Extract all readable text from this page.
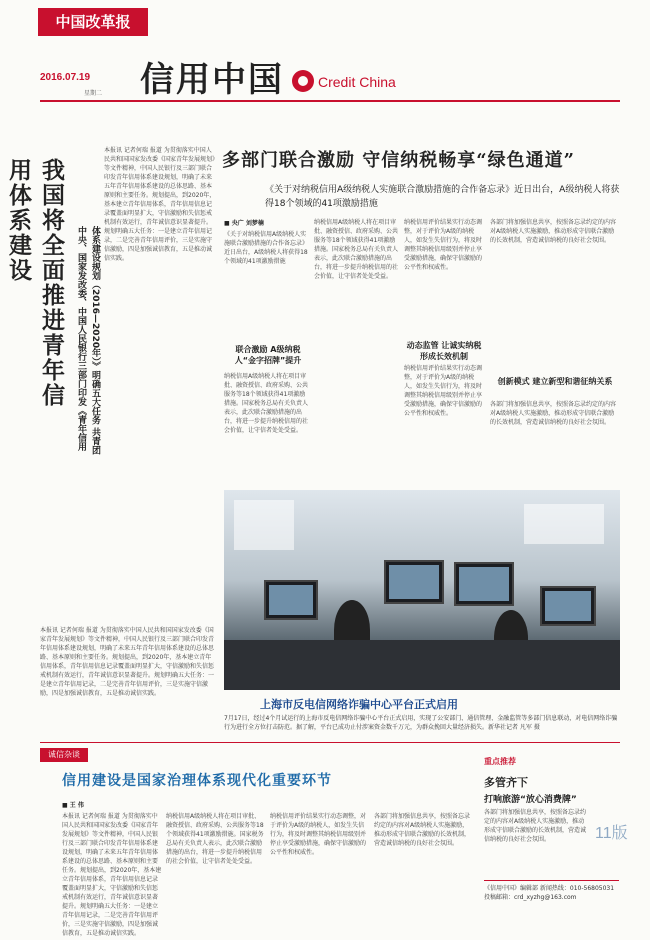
中国改革报
2016.07.19
星期二 信用中国 Credit China
我国将全面推进青年信用体系建设
体系建设规划（2016—2020年）》明确五大任务 共青团中央、国家发改委、中国人民银行三部门印发《青年信用
本报讯 记者何瑞 报道 为贯彻落实中国人民共和国国家发改委《国家青年发展规划》等文件精神，中国人民银行及三部门联合印发青年信用体系建设规划，明确了未来五年青年信用体系建设的总体思路、基本原则和主要任务。规划提出，到2020年，基本建立青年信用体系，青年信用信息记录覆盖面明显扩大，守信激励和失信惩戒机制有效运行，青年诚信意识显著提升。规划明确五大任务：一是建立青年信用记录，二是完善青年信用评价，三是实施守信激励，四是加强诚信教育，五是推动诚信实践。
本报讯 记者何瑞 报道 为贯彻落实中国人民共和国国家发改委《国家青年发展规划》等文件精神，中国人民银行及三部门联合印发青年信用体系建设规划，明确了未来五年青年信用体系建设的总体思路、基本原则和主要任务。规划提出，到2020年，基本建立青年信用体系，青年信用信息记录覆盖面明显扩大，守信激励和失信惩戒机制有效运行，青年诚信意识显著提升。规划明确五大任务：一是建立青年信用记录，二是完善青年信用评价，三是实施守信激励，四是加强诚信教育，五是推动诚信实践。
多部门联合激励 守信纳税畅享“绿色通道”
《关于对纳税信用A级纳税人实施联合激励措施的合作备忘录》近日出台，A级纳税人将获得18个领域的41项激励措施
■ 央广 刘梦楠
《关于对纳税信用A级纳税人实施联合激励措施的合作备忘录》近日出台，A级纳税人将获得18个领域的41项激励措施
联合激励 A级纳税人“金字招牌”提升
纳税信用A级纳税人将在项目审批、融资授信、政府采购、公共服务等18个领域获得41项激励措施。国家税务总局有关负责人表示，此次联合激励措施的出台，将进一步提升纳税信用的社会价值，让守信者处处受益。
纳税信用A级纳税人将在项目审批、融资授信、政府采购、公共服务等18个领域获得41项激励措施。国家税务总局有关负责人表示，此次联合激励措施的出台，将进一步提升纳税信用的社会价值，让守信者处处受益。
纳税信用评价结果实行动态调整，对于评价为A级的纳税人，如发生失信行为，将及时调整其纳税信用级别并停止享受激励措施，确保守信激励的公平性和权威性。
动态监管 让诚实纳税形成长效机制
纳税信用评价结果实行动态调整，对于评价为A级的纳税人，如发生失信行为，将及时调整其纳税信用级别并停止享受激励措施，确保守信激励的公平性和权威性。
各部门将加强信息共享，按照备忘录约定的内容对A级纳税人实施激励，推动形成守信联合激励的长效机制，营造诚信纳税的良好社会氛围。
创新模式 建立新型和谐征纳关系
各部门将加强信息共享，按照备忘录约定的内容对A级纳税人实施激励，推动形成守信联合激励的长效机制，营造诚信纳税的良好社会氛围。
上海市反电信网络诈骗中心平台正式启用
7月17日，经过4个月试运行的上海市反电信网络诈骗中心平台正式启用，实现了公安部门、通信管理、金融监管等多部门信息联动，对电信网络诈骗行为进行全方位打击防范。据了解，平台已成功止付涉案资金数千万元，为群众挽回大量经济损失。新华社记者 凡军 摄
诚信杂谈
信用建设是国家治理体系现代化重要环节
■ 王 伟
本报讯 记者何瑞 报道 为贯彻落实中国人民共和国国家发改委《国家青年发展规划》等文件精神，中国人民银行及三部门联合印发青年信用体系建设规划，明确了未来五年青年信用体系建设的总体思路、基本原则和主要任务。规划提出，到2020年，基本建立青年信用体系，青年信用信息记录覆盖面明显扩大，守信激励和失信惩戒机制有效运行，青年诚信意识显著提升。规划明确五大任务：一是建立青年信用记录，二是完善青年信用评价，三是实施守信激励，四是加强诚信教育，五是推动诚信实践。
纳税信用A级纳税人将在项目审批、融资授信、政府采购、公共服务等18个领域获得41项激励措施。国家税务总局有关负责人表示，此次联合激励措施的出台，将进一步提升纳税信用的社会价值，让守信者处处受益。
纳税信用评价结果实行动态调整，对于评价为A级的纳税人，如发生失信行为，将及时调整其纳税信用级别并停止享受激励措施，确保守信激励的公平性和权威性。
各部门将加强信息共享，按照备忘录约定的内容对A级纳税人实施激励，推动形成守信联合激励的长效机制，营造诚信纳税的良好社会氛围。
重点推荐
多管齐下
打响旅游“放心消费牌”
各部门将加强信息共享，按照备忘录约定的内容对A级纳税人实施激励，推动形成守信联合激励的长效机制，营造诚信纳税的良好社会氛围。	11版
《信用中国》编辑部 新闻热线：010-56805031 投稿邮箱：crd_xyzhg@163.com
